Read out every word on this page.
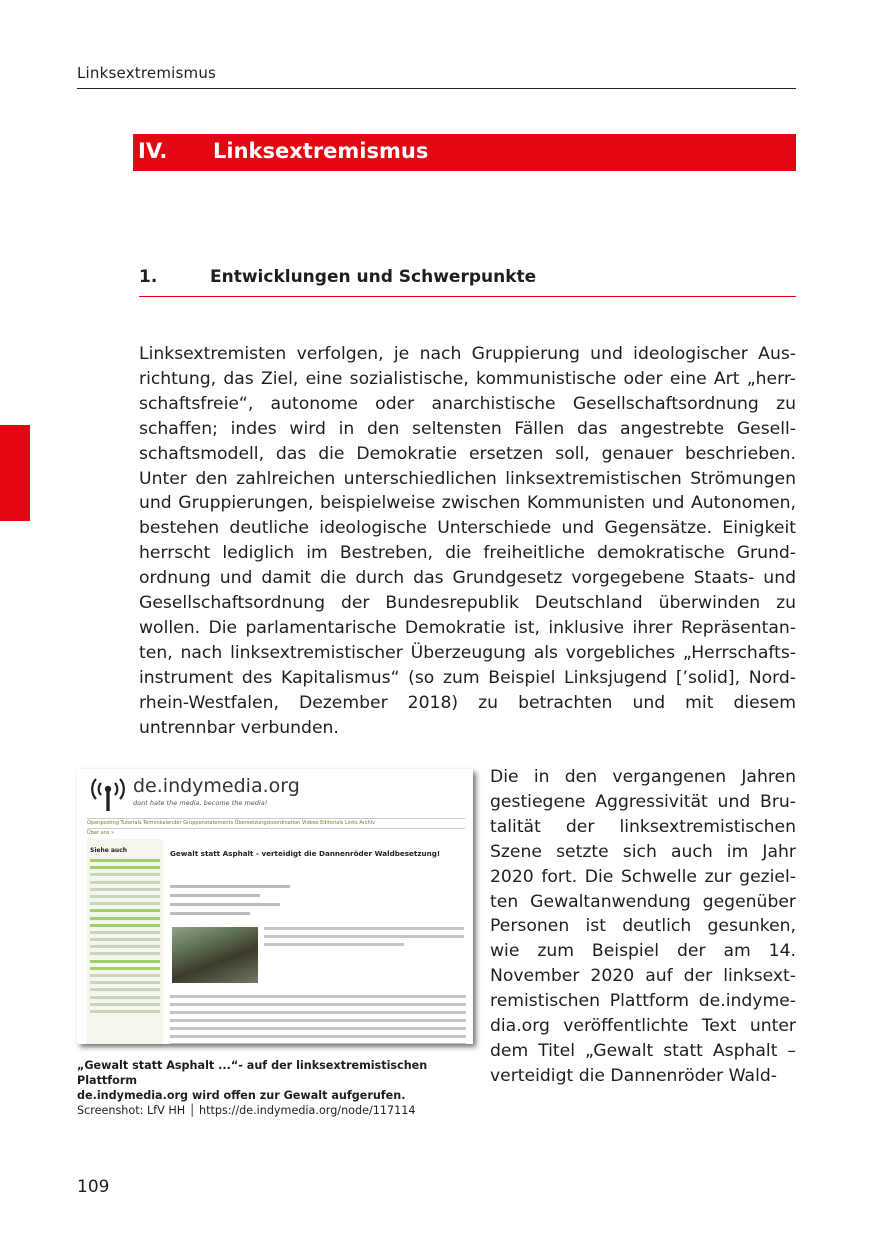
Linksextremismus
IV. Linksextremismus
1.	Entwicklungen und Schwerpunkte

Linksextremisten verfolgen, je nach Gruppierung und ideologischer Aus-
richtung, das Ziel, eine sozialistische, kommunistische oder eine Art „herr-
schaftsfreie“, autonome oder anarchistische Gesellschaftsordnung zu
schaffen; indes wird in den seltensten Fällen das angestrebte Gesell-
schaftsmodell, das die Demokratie ersetzen soll, genauer beschrieben.
Unter den zahlreichen unterschiedlichen linksextremistischen Strömungen
und Gruppierungen, beispielweise zwischen Kommunisten und Autonomen,
bestehen deutliche ideologische Unterschiede und Gegensätze. Einigkeit
herrscht lediglich im Bestreben, die freiheitliche demokratische Grund-
ordnung und damit die durch das Grundgesetz vorgegebene Staats- und
Gesellschaftsordnung der Bundesrepublik Deutschland überwinden zu
wollen. Die parlamentarische Demokratie ist, inklusive ihrer Repräsentan-
ten, nach linksextremistischer Überzeugung als vorgebliches „Herrschafts-
instrument des Kapitalismus“ (so zum Beispiel Linksjugend [’solid], Nord-
rhein-Westfalen, Dezember 2018) zu betrachten und mit diesem
untrennbar verbunden.

de.indymedia.org
dont hate the media, become the media!
Openposting Tutorials Terminkalender Gruppenstatements Übersetzungskoordination Videos Editorials Links Archiv
Über uns »
Siehe auch	Gewalt statt Asphalt - verteidigt die Dannenröder Waldbesetzung!
„Gewalt statt Asphalt ...“- auf der linksextremistischen Plattform
de.indymedia.org wird offen zur Gewalt aufgerufen.
Screenshot: LfV HH │ https://de.indymedia.org/node/117114

Die in den vergangenen Jahren
gestiegene Aggressivität und Bru-
talität der linksextremistischen
Szene setzte sich auch im Jahr
2020 fort. Die Schwelle zur geziel-
ten Gewaltanwendung gegenüber
Personen ist deutlich gesunken,
wie zum Beispiel der am 14.
November 2020 auf der linksext-
remistischen Plattform de.indyme-
dia.org veröffentlichte Text unter
dem Titel „Gewalt statt Asphalt –
verteidigt die Dannenröder Wald-

109
